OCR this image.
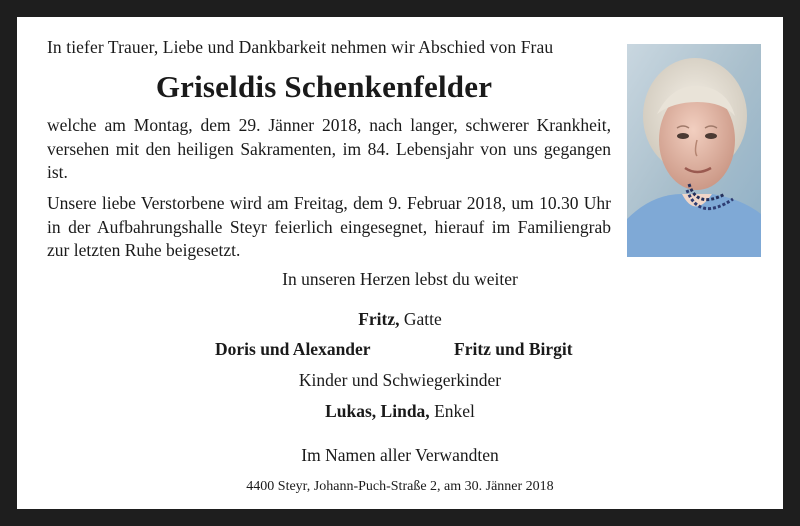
In tiefer Trauer, Liebe und Dankbarkeit nehmen wir Abschied von Frau
Griseldis Schenkenfelder

welche am Montag, dem 29. Jänner 2018, nach langer, schwerer Krankheit, versehen mit den heiligen Sakramenten, im 84. Lebensjahr von uns gegangen ist.

Unsere liebe Verstorbene wird am Freitag, dem 9. Februar 2018, um 10.30 Uhr in der Aufbahrungshalle Steyr feierlich eingesegnet, hierauf im Familiengrab zur letzten Ruhe beigesetzt.

In unseren Herzen lebst du weiter
Fritz, Gatte
Doris und Alexander	Fritz und Birgit
Kinder und Schwiegerkinder
Lukas, Linda, Enkel
Im Namen aller Verwandten
4400 Steyr, Johann-Puch-Straße 2, am 30. Jänner 2018
